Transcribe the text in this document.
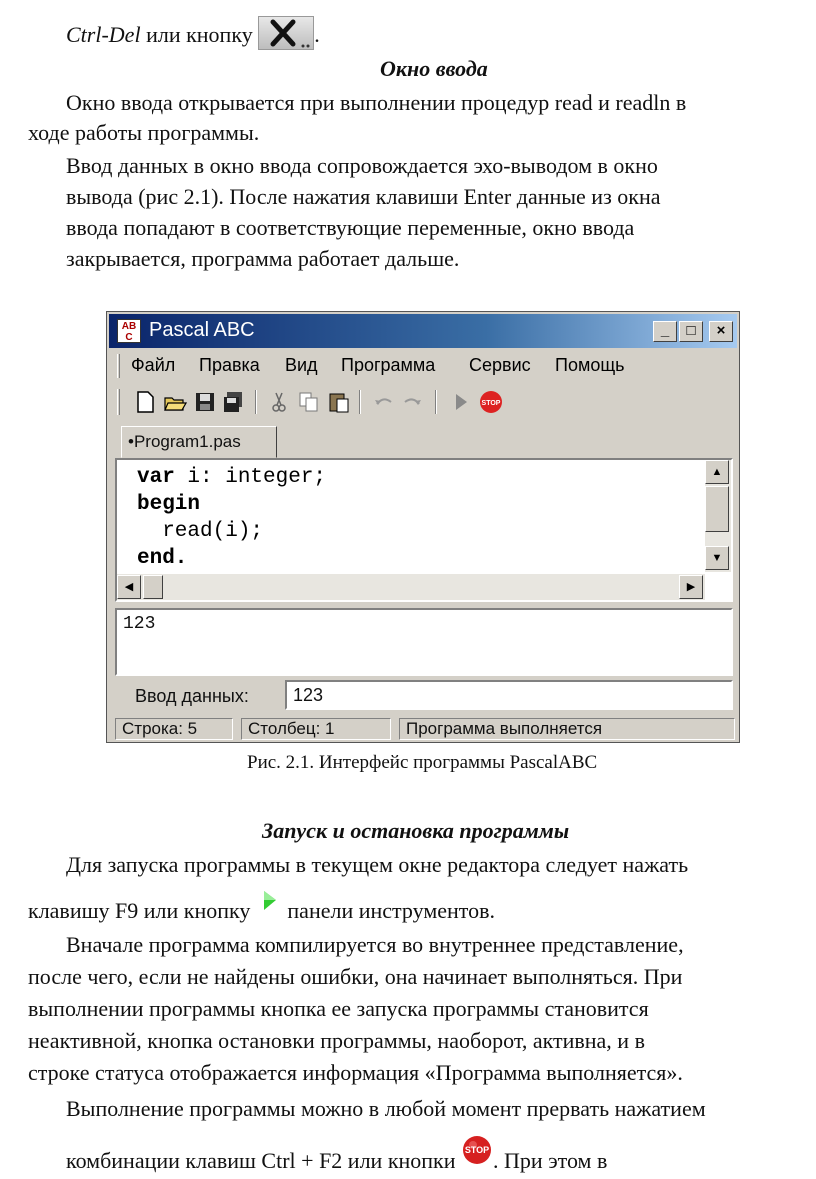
Ctrl-Del или кнопку	.
Окно ввода
Окно ввода открывается при выполнении процедур read и readln в
ходе работы программы.
Ввод данных в окно ввода сопровождается эхо-выводом в окно
вывода (рис 2.1). После нажатия клавиши Enter данные из окна
ввода попадают в соответствующие переменные, окно ввода
закрывается, программа работает дальше.
AB C Pascal ABC	_	□	×
Файл Правка Вид Программа Сервис Помощь
STOP
•Program1.pas
var i: integer;
begin
read(i);
end.
▲
▼
◀	▶
123
Ввод данных:	123
Строка: 5	Столбец: 1	Программа выполняется
Рис. 2.1. Интерфейс программы PascalABC
Запуск и остановка программы
Для запуска программы в текущем окне редактора следует нажать
клавишу F9 или кнопку  панели инструментов.
Вначале программа компилируется во внутреннее представление,
после чего, если не найдены ошибки, она начинает выполняться. При
выполнении программы кнопка ее запуска программы становится
неактивной, кнопка остановки программы, наоборот, активна, и в
строке статуса отображается информация «Программа выполняется».
Выполнение программы можно в любой момент прервать нажатием
комбинации клавиш Ctrl + F2 или кнопки STOP . При этом в
